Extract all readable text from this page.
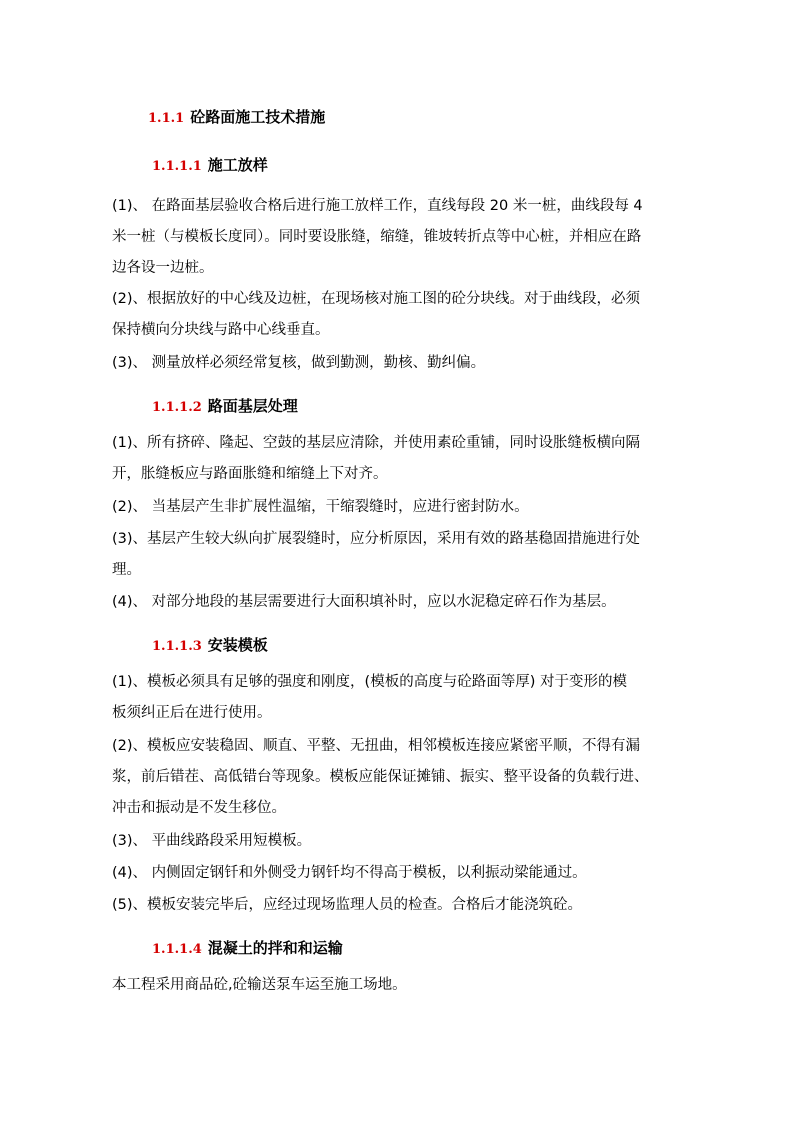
1.1.1 砼路面施工技术措施
1.1.1.1 施工放样
(1)、 在路面基层验收合格后进行施工放样工作，直线每段 20 米一桩，曲线段每 4
米一桩（与模板长度同）。同时要设胀缝，缩缝，锥坡转折点等中心桩，并相应在路
边各设一边桩。
(2)、根据放好的中心线及边桩，在现场核对施工图的砼分块线。对于曲线段，必须
保持横向分块线与路中心线垂直。
(3)、 测量放样必须经常复核，做到勤测，勤核、勤纠偏。
1.1.1.2 路面基层处理
(1)、所有挤碎、隆起、空鼓的基层应清除，并使用素砼重铺，同时设胀缝板横向隔
开，胀缝板应与路面胀缝和缩缝上下对齐。
(2)、 当基层产生非扩展性温缩，干缩裂缝时，应进行密封防水。
(3)、基层产生较大纵向扩展裂缝时，应分析原因，采用有效的路基稳固措施进行处
理。
(4)、 对部分地段的基层需要进行大面积填补时，应以水泥稳定碎石作为基层。
1.1.1.3 安装模板
(1)、模板必须具有足够的强度和刚度，(模板的高度与砼路面等厚) 对于变形的模
板须纠正后在进行使用。
(2)、模板应安装稳固、顺直、平整、无扭曲，相邻模板连接应紧密平顺，不得有漏
浆，前后错茬、高低错台等现象。模板应能保证摊铺、振实、整平设备的负载行进、
冲击和振动是不发生移位。
(3)、 平曲线路段采用短模板。
(4)、 内侧固定钢钎和外侧受力钢钎均不得高于模板，以利振动梁能通过。
(5)、模板安装完毕后，应经过现场监理人员的检查。合格后才能浇筑砼。
1.1.1.4 混凝土的拌和和运输
本工程采用商品砼,砼输送泵车运至施工场地。
